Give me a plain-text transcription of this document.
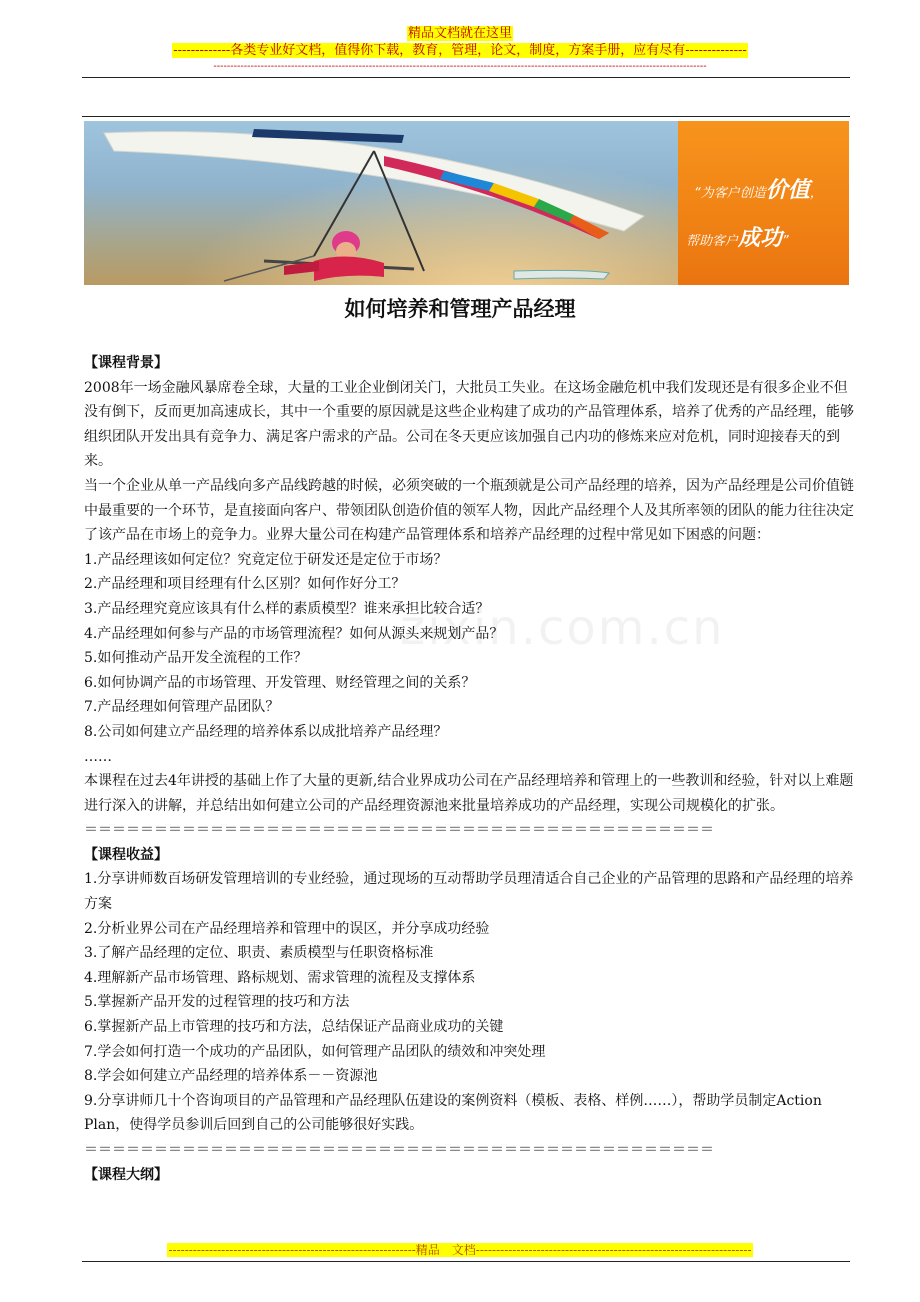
精品文档就在这里
-------------各类专业好文档，值得你下载，教育，管理，论文，制度，方案手册，应有尽有--------------
--------------------------------------------------------------------------------------------------------------------------------------------------
“为客户创造价值，
帮助客户成功”
如何培养和管理产品经理
zixin.com.cn

【课程背景】

2008年一场金融风暴席卷全球，大量的工业企业倒闭关门，大批员工失业。在这场金融危机中我们发现还是有很多企业不但没有倒下，反而更加高速成长，其中一个重要的原因就是这些企业构建了成功的产品管理体系，培养了优秀的产品经理，能够组织团队开发出具有竞争力、满足客户需求的产品。公司在冬天更应该加强自己内功的修炼来应对危机，同时迎接春天的到来。

当一个企业从单一产品线向多产品线跨越的时候，必须突破的一个瓶颈就是公司产品经理的培养，因为产品经理是公司价值链中最重要的一个环节，是直接面向客户、带领团队创造价值的领军人物，因此产品经理个人及其所率领的团队的能力往往决定了该产品在市场上的竞争力。业界大量公司在构建产品管理体系和培养产品经理的过程中常见如下困惑的问题：

1.产品经理该如何定位？究竟定位于研发还是定位于市场？

2.产品经理和项目经理有什么区别？如何作好分工？

3.产品经理究竟应该具有什么样的素质模型？谁来承担比较合适？

4.产品经理如何参与产品的市场管理流程？如何从源头来规划产品？

5.如何推动产品开发全流程的工作？

6.如何协调产品的市场管理、开发管理、财经管理之间的关系？

7.产品经理如何管理产品团队？

8.公司如何建立产品经理的培养体系以成批培养产品经理？

……

本课程在过去4年讲授的基础上作了大量的更新,结合业界成功公司在产品经理培养和管理上的一些教训和经验，针对以上难题进行深入的讲解，并总结出如何建立公司的产品经理资源池来批量培养成功的产品经理，实现公司规模化的扩张。

＝＝＝＝＝＝＝＝＝＝＝＝＝＝＝＝＝＝＝＝＝＝＝＝＝＝＝＝＝＝＝＝＝＝＝＝＝＝＝＝＝＝＝＝＝

【课程收益】

1.分享讲师数百场研发管理培训的专业经验，通过现场的互动帮助学员理清适合自己企业的产品管理的思路和产品经理的培养方案

2.分析业界公司在产品经理培养和管理中的误区，并分享成功经验

3.了解产品经理的定位、职责、素质模型与任职资格标准

4.理解新产品市场管理、路标规划、需求管理的流程及支撑体系

5.掌握新产品开发的过程管理的技巧和方法

6.掌握新产品上市管理的技巧和方法，总结保证产品商业成功的关键

7.学会如何打造一个成功的产品团队，如何管理产品团队的绩效和冲突处理

8.学会如何建立产品经理的培养体系－－资源池

9.分享讲师几十个咨询项目的产品管理和产品经理队伍建设的案例资料（模板、表格、样例……），帮助学员制定Action Plan，使得学员参训后回到自己的公司能够很好实践。

＝＝＝＝＝＝＝＝＝＝＝＝＝＝＝＝＝＝＝＝＝＝＝＝＝＝＝＝＝＝＝＝＝＝＝＝＝＝＝＝＝＝＝＝＝

【课程大纲】

-------------------------------------------------------------精品　文档--------------------------------------------------------------------
